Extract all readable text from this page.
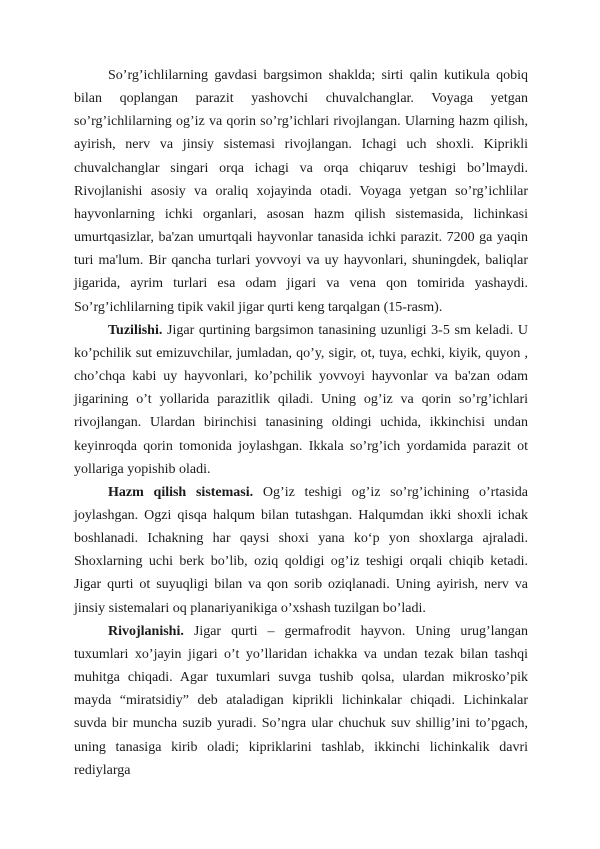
So’rg’ichlilarning gavdasi bargsimon shaklda; sirti qalin kutikula qobiq bilan qoplangan parazit yashovchi chuvalchanglar. Voyaga yetgan so’rg’ichlilarning og’iz va qorin so’rg’ichlari rivojlangan. Ularning hazm qilish, ayirish, nerv va jinsiy sistemasi rivojlangan. Ichagi uch shoxli. Kiprikli chuvalchanglar singari orqa ichagi va orqa chiqaruv teshigi bo’lmaydi. Rivojlanishi asosiy va oraliq xojayinda otadi. Voyaga yetgan so’rg’ichlilar hayvonlarning ichki organlari, asosan hazm qilish sistemasida, lichinkasi umurtqasizlar, ba'zan umurtqali hayvonlar tanasida ichki parazit. 7200 ga yaqin turi ma'lum. Bir qancha turlari yovvoyi va uy hayvonlari, shuningdek, baliqlar jigarida, ayrim turlari esa odam jigari va vena qon tomirida yashaydi. So’rg’ichlilarning tipik vakil jigar qurti keng tarqalgan (15-rasm).

Tuzilishi. Jigar qurtining bargsimon tanasining uzunligi 3-5 sm keladi. U ko’pchilik sut emizuvchilar, jumladan, qo’y, sigir, ot, tuya, echki, kiyik, quyon , cho’chqa kabi uy hayvonlari, ko’pchilik yovvoyi hayvonlar va ba'zan odam jigarining o’t yollarida parazitlik qiladi. Uning og’iz va qorin so’rg’ichlari rivojlangan. Ulardan birinchisi tanasining oldingi uchida, ikkinchisi undan keyinroqda qorin tomonida joylashgan. Ikkala so’rg’ich yordamida parazit ot yollariga yopishib oladi.

Hazm qilish sistemasi. Og’iz teshigi og’iz so’rg’ichining o’rtasida joylashgan. Ogzi qisqa halqum bilan tutashgan. Halqumdan ikki shoxli ichak boshlanadi. Ichakning har qaysi shoxi yana ko‘p yon shoxlarga ajraladi. Shoxlarning uchi berk bo’lib, oziq qoldigi og’iz teshigi orqali chiqib ketadi. Jigar qurti ot suyuqligi bilan va qon sorib oziqlanadi. Uning ayirish, nerv va jinsiy sistemalari oq planariyanikiga o’xshash tuzilgan bo’ladi.

Rivojlanishi. Jigar qurti – germafrodit hayvon. Uning urug’langan tuxumlari xo’jayin jigari o’t yo’llaridan ichakka va undan tezak bilan tashqi muhitga chiqadi. Agar tuxumlari suvga tushib qolsa, ulardan mikrosko’pik mayda “miratsidiy” deb ataladigan kiprikli lichinkalar chiqadi. Lichinkalar suvda bir muncha suzib yuradi. So’ngra ular chuchuk suv shillig’ini to’pgach, uning tanasiga kirib oladi; kipriklarini tashlab, ikkinchi lichinkalik davri rediylarga
